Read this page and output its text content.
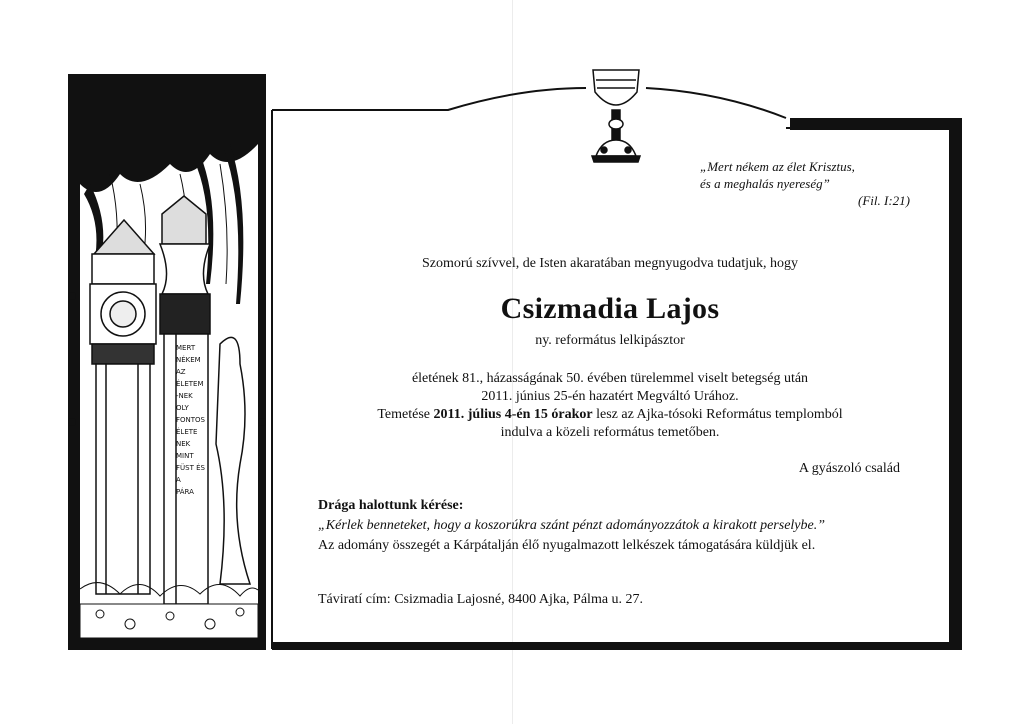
MERT
NÉKEM
AZ
ÉLETEM
-NEK
OLY
FONTOS
ÉLETE
NEK
MINT
FÜST ÉS
A
PÁRA
„Mert nékem az élet Krisztus,
és a meghalás nyereség”
(Fil. I:21)
Szomorú szívvel, de Isten akaratában megnyugodva tudatjuk, hogy
Csizmadia Lajos
ny. református lelkipásztor
életének 81., házasságának 50. évében türelemmel viselt betegség után
2011. június 25-én hazatért Megváltó Urához.
Temetése 2011. július 4-én 15 órakor lesz az Ajka-tósoki Református templomból
indulva a közeli református temetőben.
A gyászoló család
Drága halottunk kérése:
„Kérlek benneteket, hogy a koszorúkra szánt pénzt adományozzátok a kirakott perselybe.”
Az adomány összegét a Kárpátalján élő nyugalmazott lelkészek támogatására küldjük el.
Táviratí cím: Csizmadia Lajosné, 8400 Ajka, Pálma u. 27.
